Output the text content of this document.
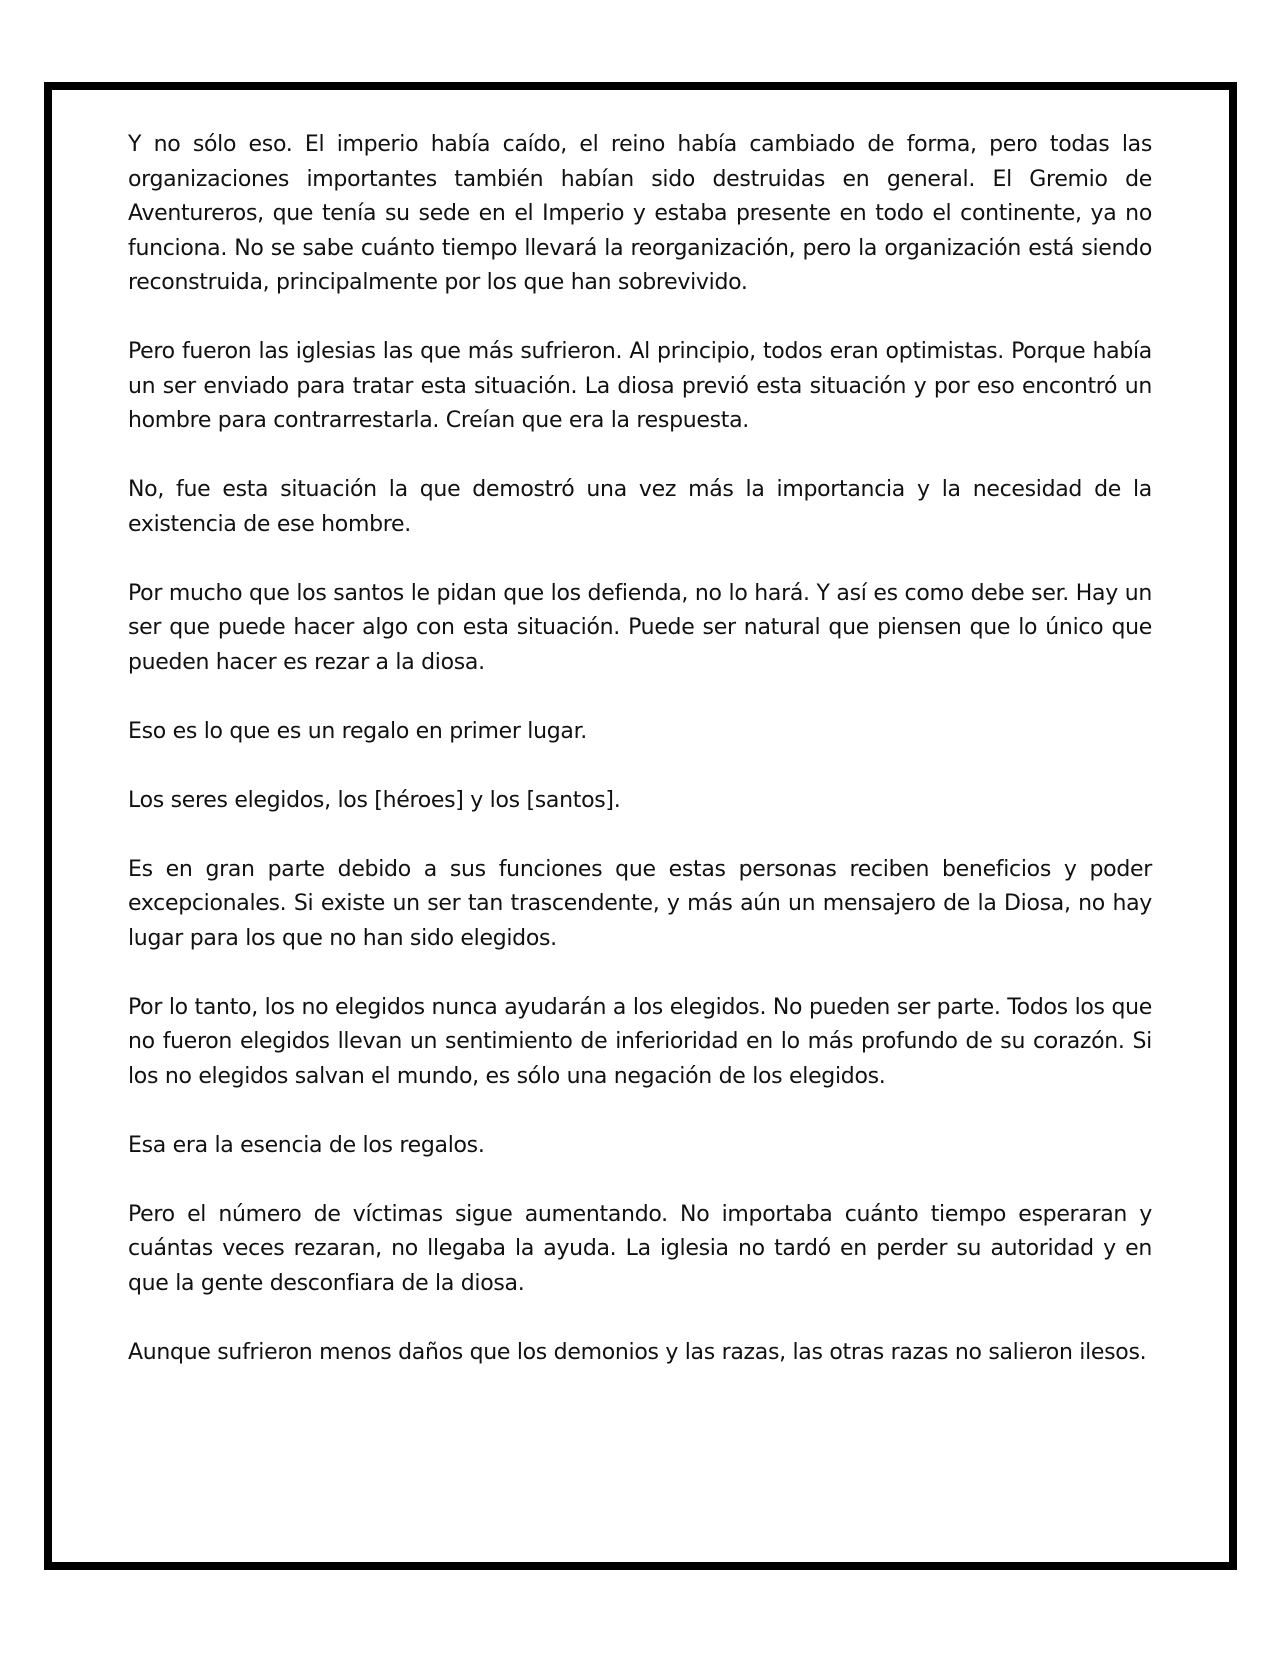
Y no sólo eso. El imperio había caído, el reino había cambiado de forma, pero todas las organizaciones importantes también habían sido destruidas en general. El Gremio de Aventureros, que tenía su sede en el Imperio y estaba presente en todo el continente, ya no funciona. No se sabe cuánto tiempo llevará la reorganización, pero la organización está siendo reconstruida, principalmente por los que han sobrevivido.

Pero fueron las iglesias las que más sufrieron. Al principio, todos eran optimistas. Porque había un ser enviado para tratar esta situación. La diosa previó esta situación y por eso encontró un hombre para contrarrestarla. Creían que era la respuesta.

No, fue esta situación la que demostró una vez más la importancia y la necesidad de la existencia de ese hombre.

Por mucho que los santos le pidan que los defienda, no lo hará. Y así es como debe ser. Hay un ser que puede hacer algo con esta situación. Puede ser natural que piensen que lo único que pueden hacer es rezar a la diosa.

Eso es lo que es un regalo en primer lugar.

Los seres elegidos, los [héroes] y los [santos].

Es en gran parte debido a sus funciones que estas personas reciben beneficios y poder excepcionales. Si existe un ser tan trascendente, y más aún un mensajero de la Diosa, no hay lugar para los que no han sido elegidos.

Por lo tanto, los no elegidos nunca ayudarán a los elegidos. No pueden ser parte. Todos los que no fueron elegidos llevan un sentimiento de inferioridad en lo más profundo de su corazón. Si los no elegidos salvan el mundo, es sólo una negación de los elegidos.

Esa era la esencia de los regalos.

Pero el número de víctimas sigue aumentando. No importaba cuánto tiempo esperaran y cuántas veces rezaran, no llegaba la ayuda. La iglesia no tardó en perder su autoridad y en que la gente desconfiara de la diosa.

Aunque sufrieron menos daños que los demonios y las razas, las otras razas no salieron ilesos.
